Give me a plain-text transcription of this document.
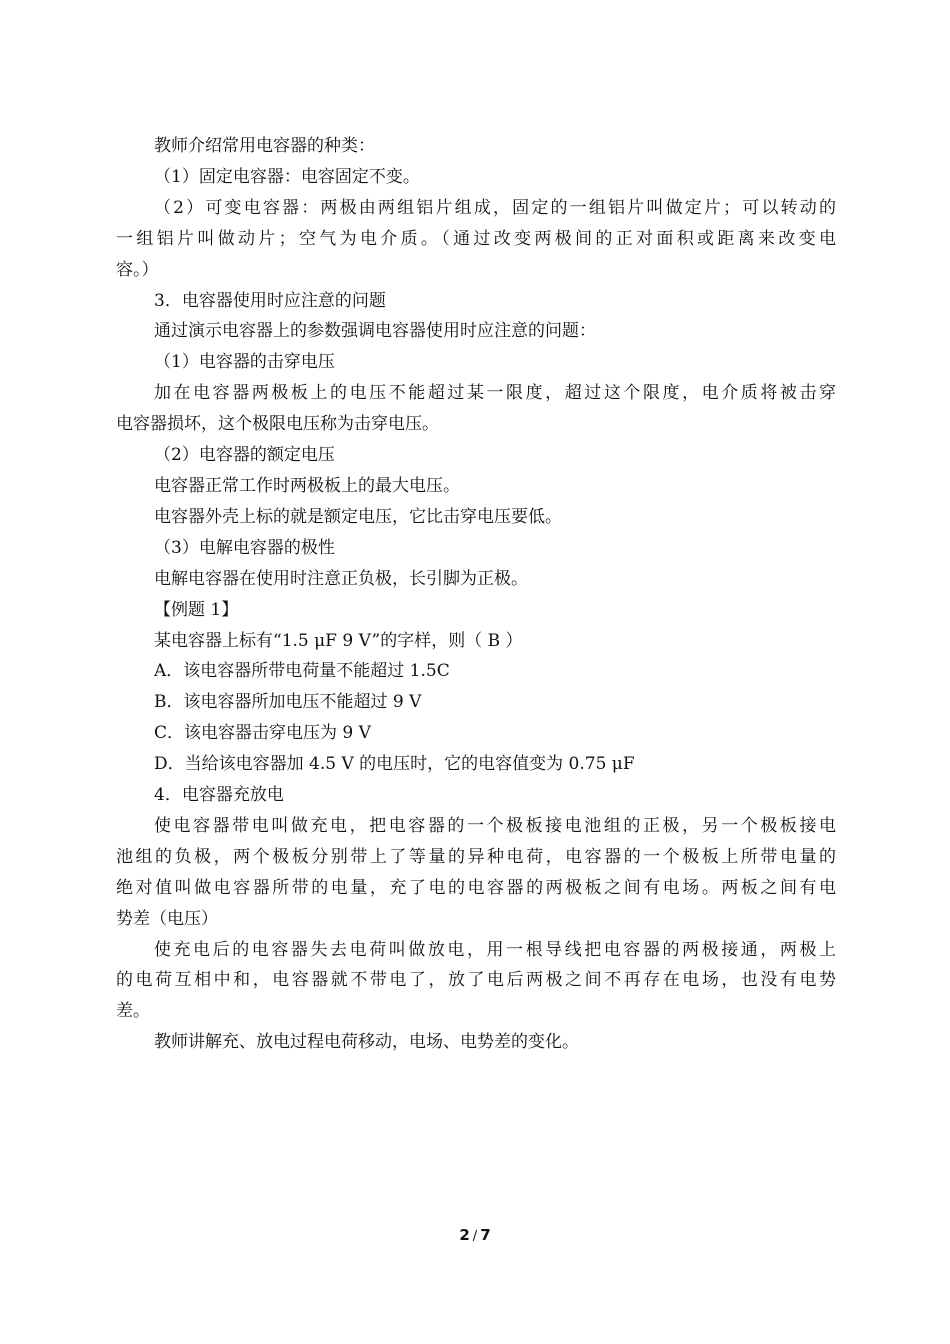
教师介绍常用电容器的种类：

（1）固定电容器：电容固定不变。

（2）可变电容器：两极由两组铝片组成，固定的一组铝片叫做定片；可以转动的

一组铝片叫做动片；空气为电介质。（通过改变两极间的正对面积或距离来改变电

容。）

3．电容器使用时应注意的问题

通过演示电容器上的参数强调电容器使用时应注意的问题：

（1）电容器的击穿电压

加在电容器两极板上的电压不能超过某一限度，超过这个限度，电介质将被击穿

电容器损坏，这个极限电压称为击穿电压。

（2）电容器的额定电压

电容器正常工作时两极板上的最大电压。

电容器外壳上标的就是额定电压，它比击穿电压要低。

（3）电解电容器的极性

电解电容器在使用时注意正负极，长引脚为正极。

【例题 1】

某电容器上标有“1.5 μF 9 V”的字样，则（ B ）

A．该电容器所带电荷量不能超过 1.5C

B．该电容器所加电压不能超过 9 V

C．该电容器击穿电压为 9 V

D．当给该电容器加 4.5 V 的电压时，它的电容值变为 0.75 μF

4．电容器充放电

使电容器带电叫做充电，把电容器的一个极板接电池组的正极，另一个极板接电

池组的负极，两个极板分别带上了等量的异种电荷，电容器的一个极板上所带电量的

绝对值叫做电容器所带的电量，充了电的电容器的两极板之间有电场。两板之间有电

势差（电压）

使充电后的电容器失去电荷叫做放电，用一根导线把电容器的两极接通，两极上

的电荷互相中和，电容器就不带电了，放了电后两极之间不再存在电场，也没有电势

差。

教师讲解充、放电过程电荷移动，电场、电势差的变化。

2 / 7
